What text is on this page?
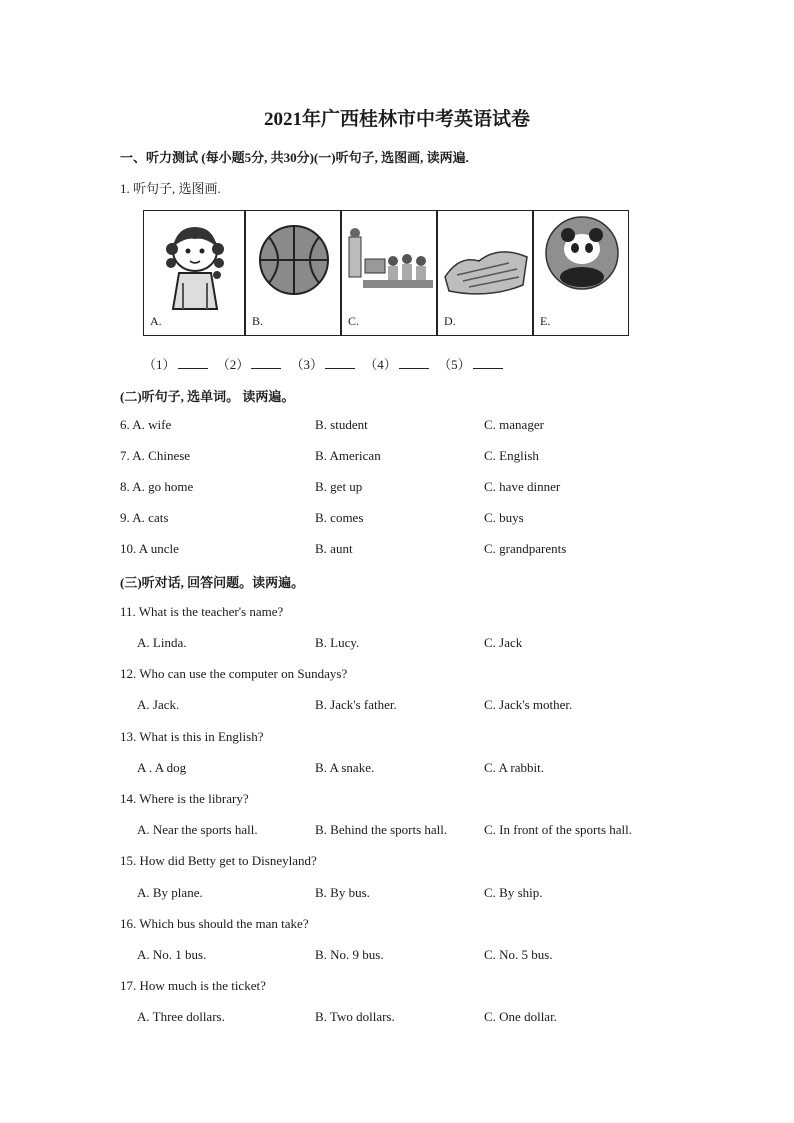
2021年广西桂林市中考英语试卷
一、听力测试 (每小题5分, 共30分)(一)听句子, 选图画, 读两遍.
1. 听句子, 选图画.
A.	B.	C.	D.	E.
（1）	（2）	（3）	（4）	（5）
(二)听句子, 选单词。 读两遍。
6. A. wife	B. student	C. manager
7. A. Chinese	B. American	C. English
8. A. go home	B. get up	C. have dinner
9. A. cats	B. comes	C. buys
10. A uncle	B. aunt	C. grandparents
(三)听对话, 回答问题。读两遍。
11. What is the teacher's name?
A. Linda.	B. Lucy.	C. Jack
12. Who can use the computer on Sundays?
A. Jack.	B. Jack's father.	C. Jack's mother.
13. What is this in English?
A . A dog	B. A snake.	C. A rabbit.
14. Where is the library?
A. Near the sports hall.	B. Behind the sports hall.	C. In front of the sports hall.
15. How did Betty get to Disneyland?
A. By plane.	B. By bus.	C. By ship.
16. Which bus should the man take?
A. No. 1 bus.	B. No. 9 bus.	C. No. 5 bus.
17. How much is the ticket?
A. Three dollars.	B. Two dollars.	C. One dollar.
